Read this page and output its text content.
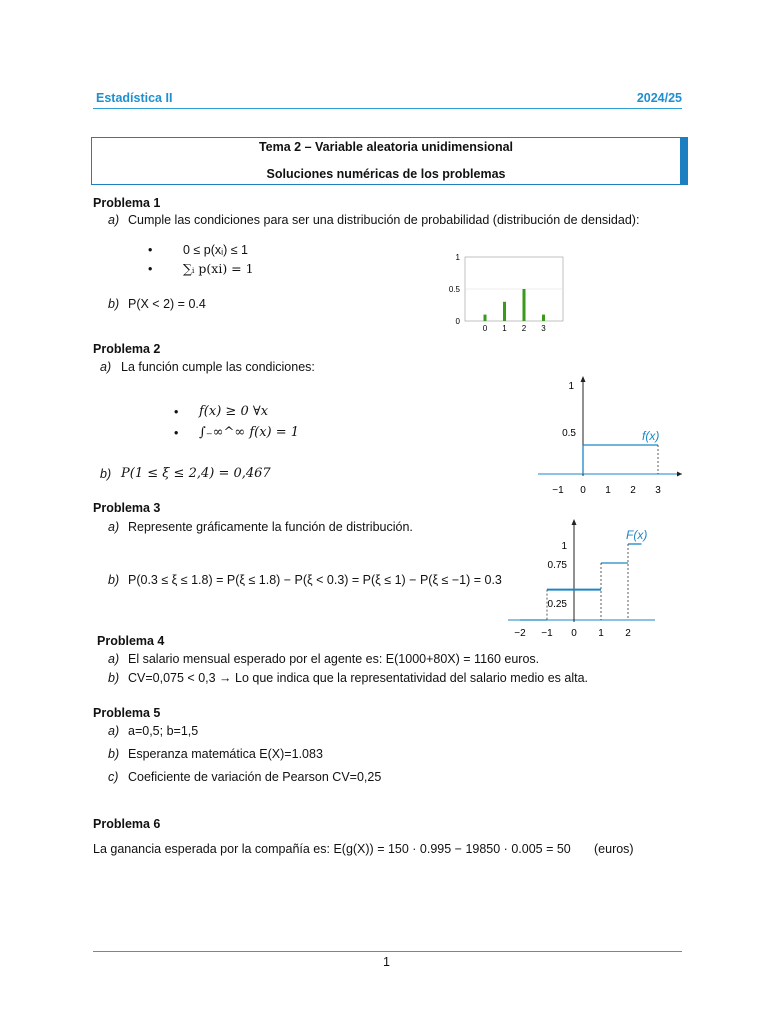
Estadística II	2024/25
Tema 2 – Variable aleatoria unidimensional
Soluciones numéricas de los problemas
Problema 1
a) Cumple las condiciones para ser una distribución de probabilidad (distribución de densidad):
• 0 ≤ p(xᵢ) ≤ 1
• ∑ᵢ p(xi) = 1
b) P(X < 2) = 0.4
1
0.5
0
0 1 2 3
Problema 2
a) La función cumple las condiciones:
• f(x) ≥ 0 ∀x
• ∫₋∞^∞ f(x) = 1
b) P(1 ≤ ξ ≤ 2,4) = 0,467
1
0.5	f(x)
−1 0 1 2 3
Problema 3
a) Represente gráficamente la función de distribución.
b) P(0.3 ≤ ξ ≤ 1.8) = P(ξ ≤ 1.8) − P(ξ < 0.3) = P(ξ ≤ 1) − P(ξ ≤ −1) = 0.3
F(x)
1
0.75
0.25
−2 −1 0 1 2
Problema 4
a) El salario mensual esperado por el agente es: E(1000+80X) = 1160 euros.
b) CV=0,075 < 0,3 → Lo que indica que la representatividad del salario medio es alta.
Problema 5
a) a=0,5; b=1,5
b) Esperanza matemática E(X)=1.083
c) Coeficiente de variación de Pearson CV=0,25
Problema 6
La ganancia esperada por la compañía es: E(g(X)) = 150 · 0.995 − 19850 · 0.005 = 50 (euros)
1
